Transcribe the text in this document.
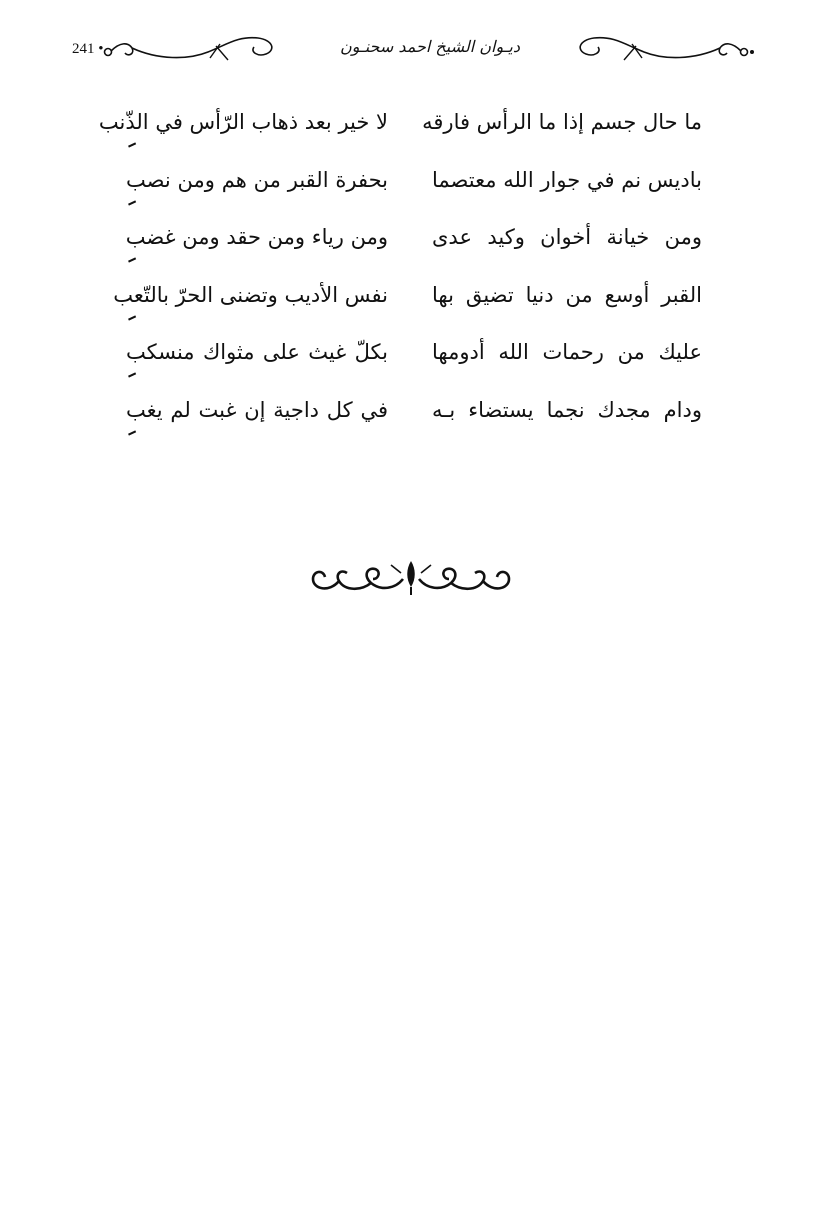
241 •	ديـوان الشيخ احمد سحنـون
ما حال جسم إذا ما الرأس فارقه
لا خير بعد ذهاب الرّأس في الذّنب
باديس نم في جوار الله معتصما
بحفرة القبر من هم ومن نصب
ومن خيانة أخوان وكيد عدى
ومن رياء ومن حقد ومن غضب
القبر أوسع من دنيا تضيق بها
نفس الأديب وتضنى الحرّ بالتّعب
عليك من رحمات الله أدومها
بكلّ غيث على مثواك منسكب
ودام مجدك نجما يستضاء بـه
في كل داجية إن غبت لم يغب
